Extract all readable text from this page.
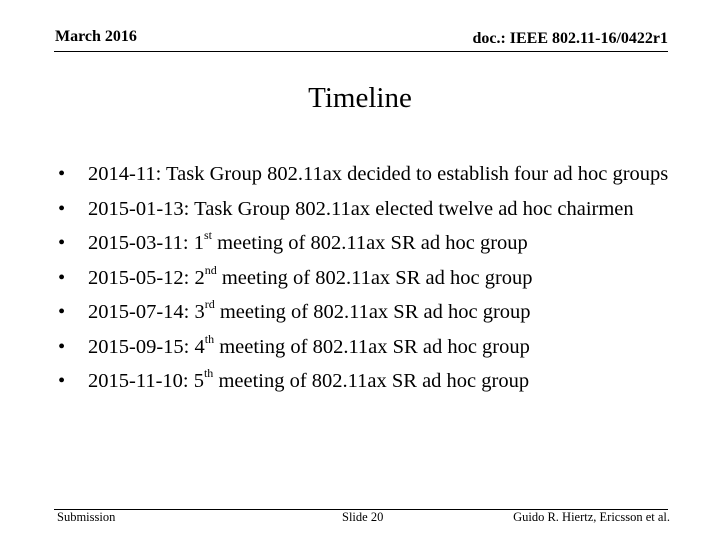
March 2016	doc.: IEEE 802.11-16/0422r1
Timeline
• 2014-11: Task Group 802.11ax decided to establish four ad hoc groups
• 2015-01-13: Task Group 802.11ax elected twelve ad hoc chairmen
• 2015-03-11: 1st meeting of 802.11ax SR ad hoc group
• 2015-05-12: 2nd meeting of 802.11ax SR ad hoc group
• 2015-07-14: 3rd meeting of 802.11ax SR ad hoc group
• 2015-09-15: 4th meeting of 802.11ax SR ad hoc group
• 2015-11-10: 5th meeting of 802.11ax SR ad hoc group
Submission	Slide 20	Guido R. Hiertz, Ericsson et al.
